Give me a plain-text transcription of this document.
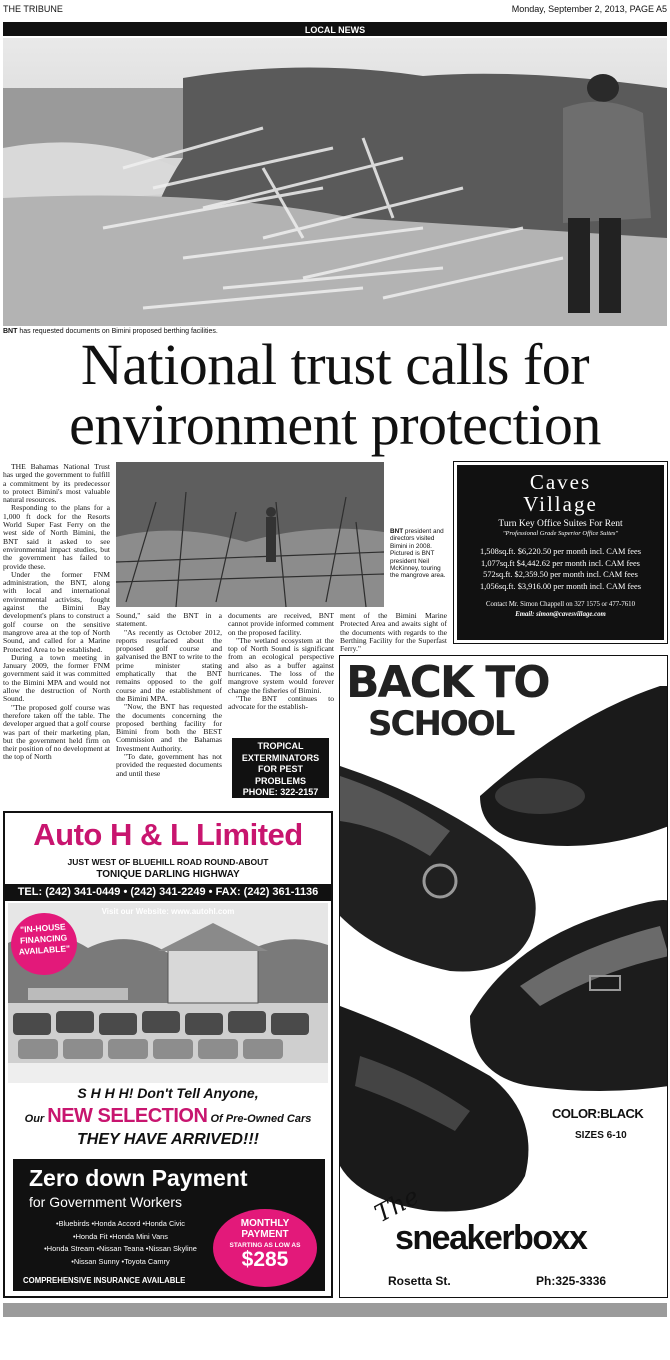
THE TRIBUNE	Monday, September 2, 2013, PAGE A5
LOCAL NEWS
BNT has requested documents on Bimini proposed berthing facilities.
National trust calls for
environment protection

THE Bahamas National Trust has urged the government to fulfill a commitment by its predecessor to protect Bimini's most valuable natural resources.

Responding to the plans for a 1,000 ft dock for the Resorts World Super Fast Ferry on the west side of North Bimini, the BNT said it asked to see environmental impact studies, but the government has failed to provide these.

Under the former FNM administration, the BNT, along with local and international environmental activists, fought against the Bimini Bay development's plans to construct a golf course on the sensitive mangrove area at the top of North Sound, and called for a Marine Protected Area to be established.

During a town meeting in January 2009, the former FNM government said it was committed to the Bimini MPA and would not allow the destruction of North Sound.

"The proposed golf course was therefore taken off the table. The developer argued that a golf course was part of their marketing plan, but the government held firm on their position of no development at the top of North

BNT president and directors visited Bimini in 2008. Pictured is BNT president Neil McKinney, touring the mangrove area.

Sound," said the BNT in a statement.

"As recently as October 2012, reports resurfaced about the proposed golf course and galvanised the BNT to write to the prime minister stating emphatically that the BNT remains opposed to the golf course and the establishment of the Bimini MPA.

"Now, the BNT has requested the documents concerning the proposed berthing facility for Bimini from both the BEST Commission and the Bahamas Investment Authority.

"To date, government has not provided the requested documents and until these

documents are received, BNT cannot provide informed comment on the proposed facility.

"The wetland ecosystem at the top of North Sound is significant from an ecological perspective and also as a buffer against hurricanes. The loss of the mangrove system would forever change the fisheries of Bimini.

"The BNT continues to advocate for the establish-

ment of the Bimini Marine Protected Area and awaits sight of the documents with regards to the Berthing Facility for the Superfast Ferry."

Caves
Village
Turn Key Office Suites For Rent
"Professional Grade Superior Office Suites"
1,508sq.ft. $6,220.50 per month incl. CAM fees
1,077sq.ft $4,442.62 per month incl. CAM fees
572sq.ft. $2,359.50 per month incl. CAM fees
1,056sq.ft. $3,916.00 per month incl. CAM fees
Contact Mr. Simon Chappell on 327 1575 or 477-7610
Email: simon@cavesvillage.com
TROPICAL
EXTERMINATORS
FOR PEST PROBLEMS
PHONE: 322-2157
Auto H & L Limited
JUST WEST OF BLUEHILL ROAD ROUND-ABOUT
TONIQUE DARLING HIGHWAY
TEL: (242) 341-0449 • (242) 341-2249 • FAX: (242) 361-1136
Visit our Website: www.autohl.com
"IN-HOUSE
FINANCING
AVAILABLE"
S H H H! Don't Tell Anyone,
Our NEW SELECTION Of Pre-Owned Cars
THEY HAVE ARRIVED!!!
Zero down Payment
for Government Workers
•Bluebirds •Honda Accord •Honda Civic
•Honda Fit •Honda Mini Vans
•Honda Stream •Nissan Teana •Nissan Skyline
•Nissan Sunny •Toyota Camry
COMPREHENSIVE INSURANCE AVAILABLE
MONTHLY
PAYMENT
STARTING AS LOW AS
$285
BACK TO
SCHOOL
COLOR:BLACK
SIZES 6-10
The
sneakerboxx
Rosetta St.	Ph:325-3336
